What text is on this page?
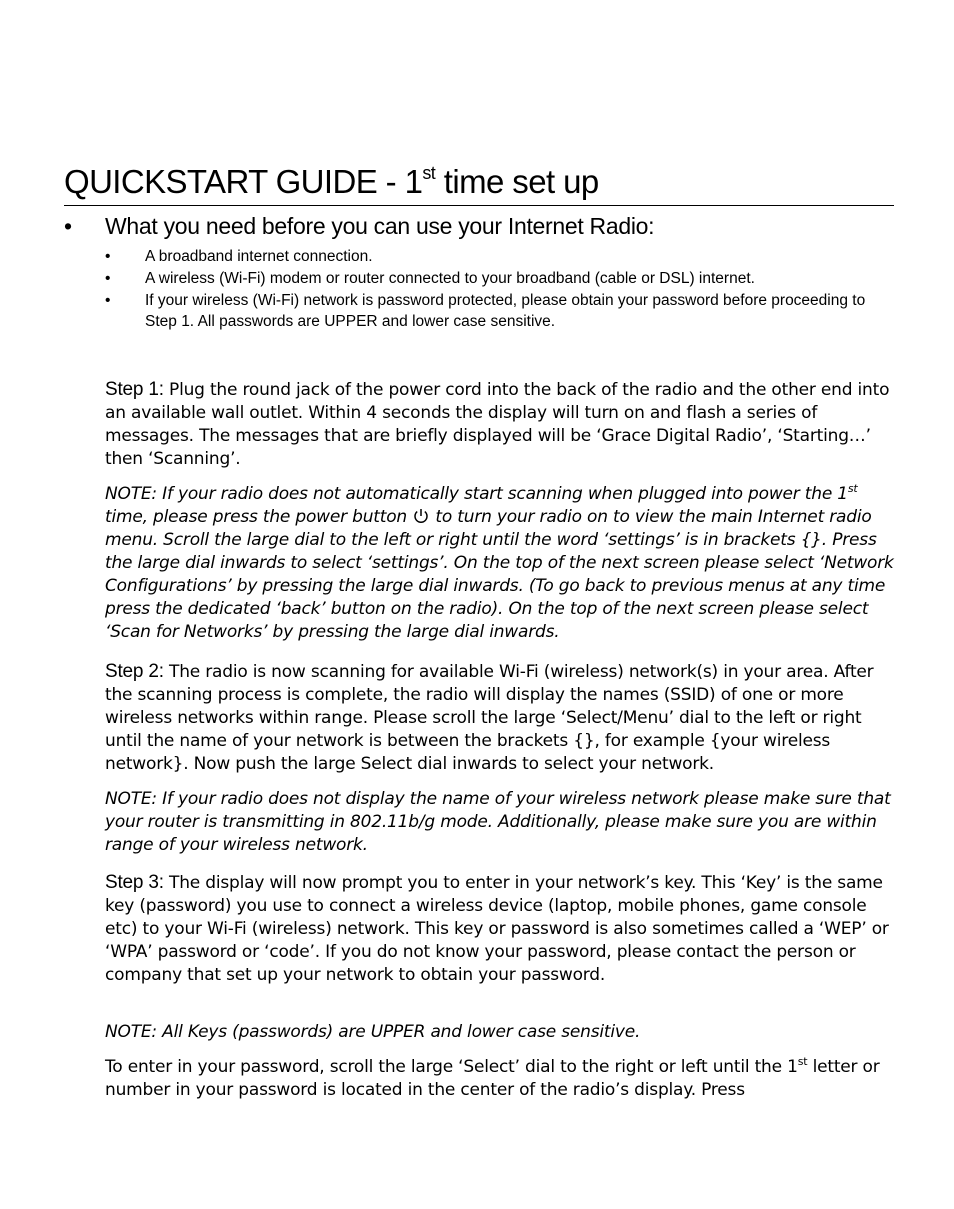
QUICKSTART GUIDE - 1st time set up
• What you need before you can use your Internet Radio:
• A broadband internet connection.
• A wireless (Wi-Fi) modem or router connected to your broadband (cable or DSL) internet.
• If your wireless (Wi-Fi) network is password protected, please obtain your password before proceeding to Step 1. All passwords are UPPER and lower case sensitive.

Step 1: Plug the round jack of the power cord into the back of the radio and the other end into an available wall outlet. Within 4 seconds the display will turn on and flash a series of messages. The messages that are briefly displayed will be ‘Grace Digital Radio’, ‘Starting…’ then ‘Scanning’.

NOTE: If your radio does not automatically start scanning when plugged into power the 1st time, please press the power button  to turn your radio on to view the main Internet radio menu. Scroll the large dial to the left or right until the word ‘settings’ is in brackets {}. Press the large dial inwards to select ‘settings’. On the top of the next screen please select ‘Network Configurations’ by pressing the large dial inwards. (To go back to previous menus at any time press the dedicated ‘back’ button on the radio). On the top of the next screen please select ‘Scan for Networks’ by pressing the large dial inwards.

Step 2: The radio is now scanning for available Wi-Fi (wireless) network(s) in your area. After the scanning process is complete, the radio will display the names (SSID) of one or more wireless networks within range. Please scroll the large ‘Select/Menu’ dial to the left or right until the name of your network is between the brackets {}, for example {your wireless network}. Now push the large Select dial inwards to select your network.

NOTE: If your radio does not display the name of your wireless network please make sure that your router is transmitting in 802.11b/g mode. Additionally, please make sure you are within range of your wireless network.

Step 3: The display will now prompt you to enter in your network’s key. This ‘Key’ is the same key (password) you use to connect a wireless device (laptop, mobile phones, game console etc) to your Wi-Fi (wireless) network. This key or password is also sometimes called a ‘WEP’ or ‘WPA’ password or ‘code’. If you do not know your password, please contact the person or company that set up your network to obtain your password.

NOTE: All Keys (passwords) are UPPER and lower case sensitive.

To enter in your password, scroll the large ‘Select’ dial to the right or left until the 1st letter or number in your password is located in the center of the radio’s display. Press
